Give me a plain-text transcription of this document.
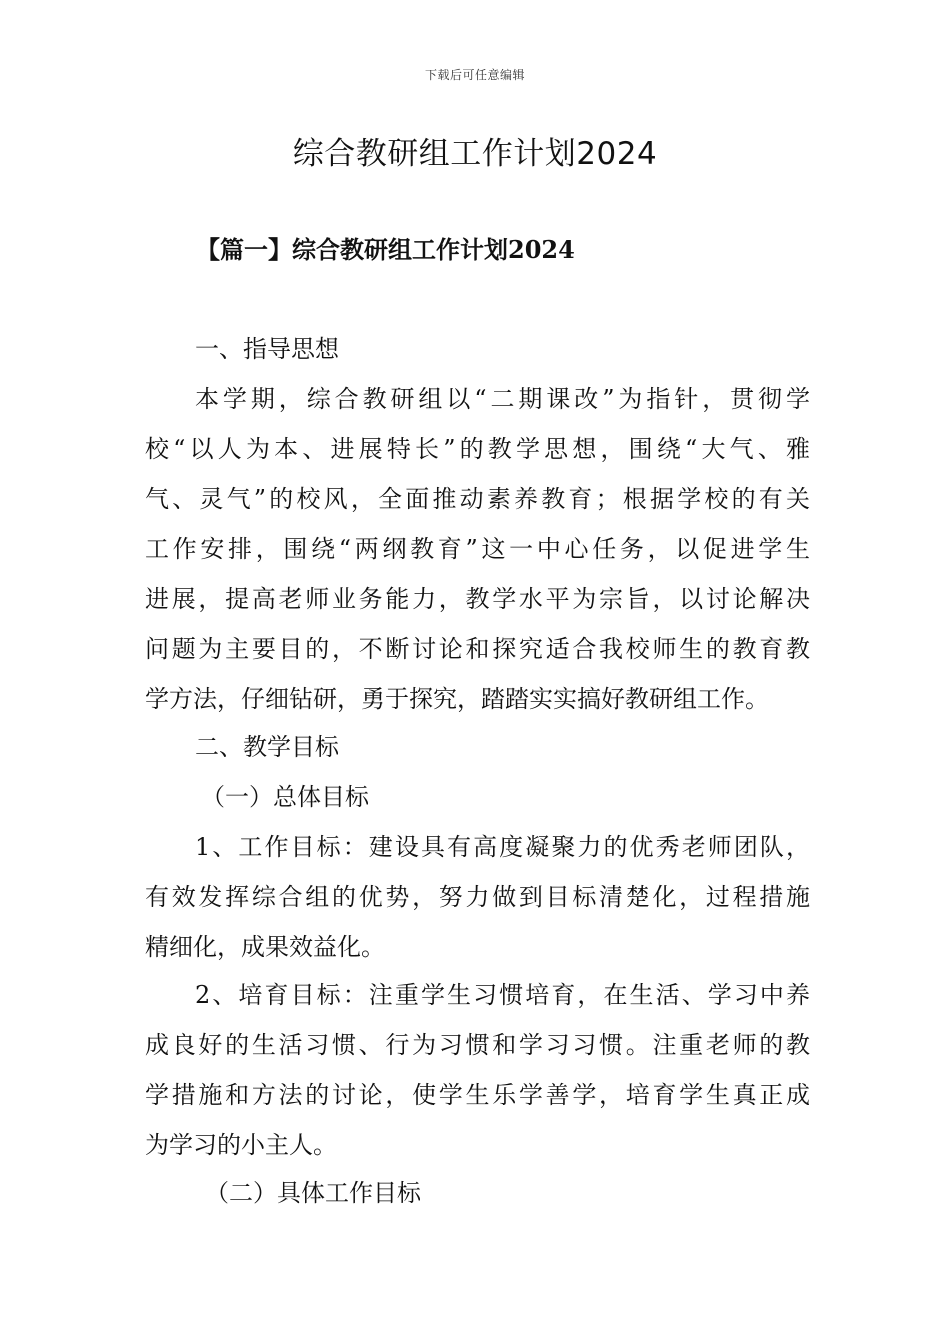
下载后可任意编辑
综合教研组工作计划2024
【篇一】综合教研组工作计划2024
一、指导思想
本学期，综合教研组以“二期课改”为指针，贯彻学
校“以人为本、进展特长”的教学思想，围绕“大气、雅
气、灵气”的校风，全面推动素养教育；根据学校的有关
工作安排，围绕“两纲教育”这一中心任务，以促进学生
进展，提高老师业务能力，教学水平为宗旨，以讨论解决
问题为主要目的，不断讨论和探究适合我校师生的教育教
学方法，仔细钻研，勇于探究，踏踏实实搞好教研组工作。
二、教学目标
（一）总体目标
1、工作目标：建设具有高度凝聚力的优秀老师团队，
有效发挥综合组的优势，努力做到目标清楚化，过程措施
精细化，成果效益化。
2、培育目标：注重学生习惯培育，在生活、学习中养
成良好的生活习惯、行为习惯和学习习惯。注重老师的教
学措施和方法的讨论，使学生乐学善学，培育学生真正成
为学习的小主人。
（二）具体工作目标
